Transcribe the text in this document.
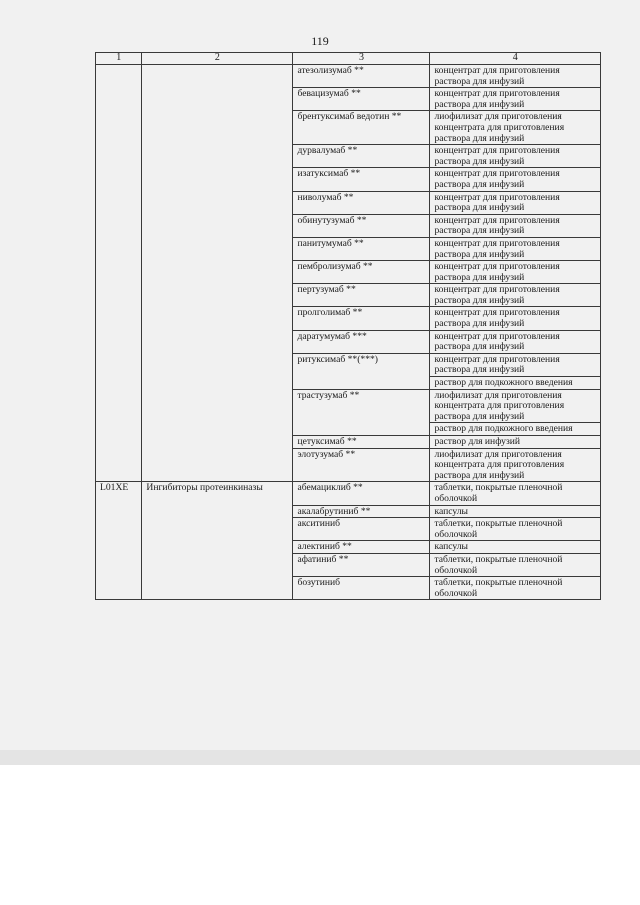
119
1	2	3	4
		атезолизумаб **	концентрат для приготовления раствора для инфузий
		бевацизумаб **	концентрат для приготовления раствора для инфузий
		брентуксимаб ведотин **	лиофилизат для приготовления концентрата для приготовления раствора для инфузий
		дурвалумаб **	концентрат для приготовления раствора для инфузий
		изатуксимаб **	концентрат для приготовления раствора для инфузий
		ниволумаб **	концентрат для приготовления раствора для инфузий
		обинутузумаб **	концентрат для приготовления раствора для инфузий
		панитумумаб **	концентрат для приготовления раствора для инфузий
		пембролизумаб **	концентрат для приготовления раствора для инфузий
		пертузумаб **	концентрат для приготовления раствора для инфузий
		пролголимаб **	концентрат для приготовления раствора для инфузий
		даратумумаб ***	концентрат для приготовления раствора для инфузий
		ритуксимаб **(***)	концентрат для приготовления раствора для инфузий
			раствор для подкожного введения
		трастузумаб **	лиофилизат для приготовления концентрата для приготовления раствора для инфузий
			раствор для подкожного введения
		цетуксимаб **	раствор для инфузий
		элотузумаб **	лиофилизат для приготовления концентрата для приготовления раствора для инфузий
L01XE	Ингибиторы протеинкиназы	абемациклиб **	таблетки, покрытые пленочной оболочкой
		акалабрутиниб **	капсулы
		акситиниб	таблетки, покрытые пленочной оболочкой
		алектиниб **	капсулы
		афатиниб **	таблетки, покрытые пленочной оболочкой
		бозутиниб	таблетки, покрытые пленочной оболочкой
